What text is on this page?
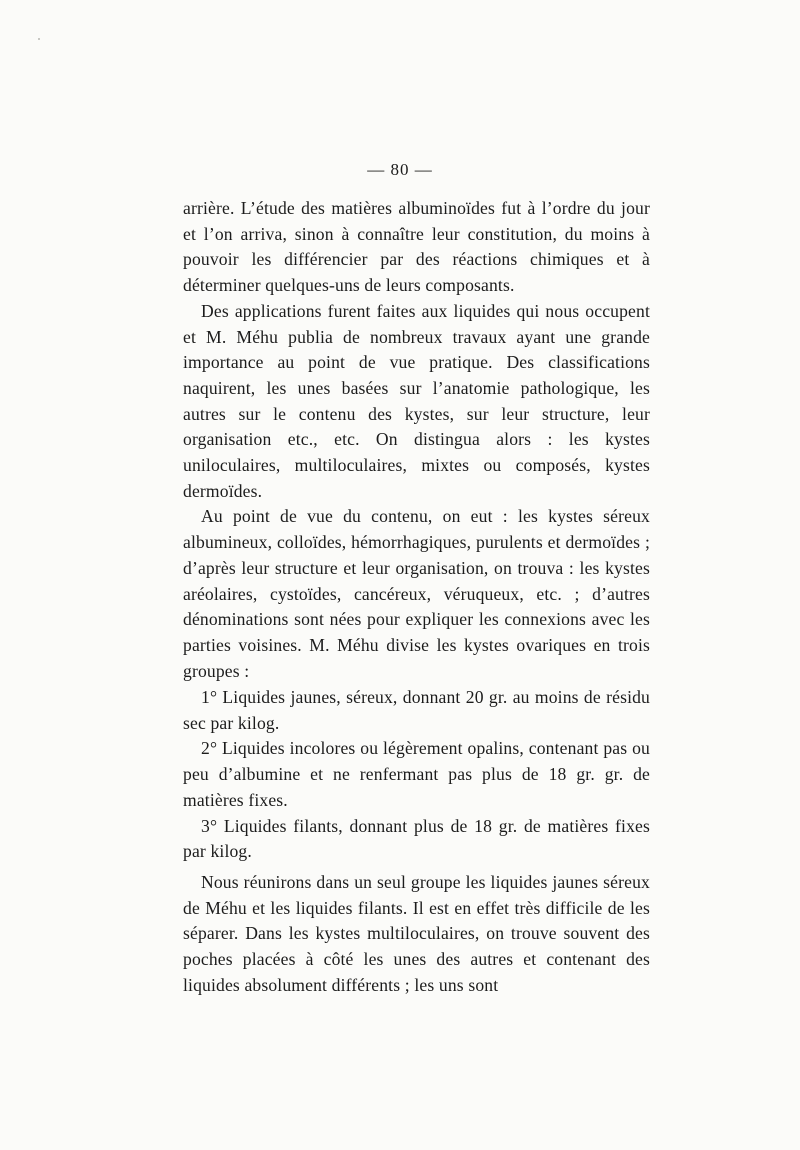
— 80 —

arrière. L’étude des matières albuminoïdes fut à l’ordre du jour et l’on arriva, sinon à connaître leur constitution, du moins à pouvoir les différencier par des réactions chimiques et à déterminer quelques-uns de leurs composants.

Des applications furent faites aux liquides qui nous occupent et M. Méhu publia de nombreux travaux ayant une grande importance au point de vue pratique. Des classifications naquirent, les unes basées sur l’anatomie pathologique, les autres sur le contenu des kystes, sur leur structure, leur organisation etc., etc. On distingua alors : les kystes uniloculaires, multiloculaires, mixtes ou composés, kystes dermoïdes.

Au point de vue du contenu, on eut : les kystes séreux albumineux, colloïdes, hémorrhagiques, purulents et dermoïdes ; d’après leur structure et leur organisation, on trouva : les kystes aréolaires, cystoïdes, cancéreux, véruqueux, etc. ; d’autres dénominations sont nées pour expliquer les connexions avec les parties voisines. M. Méhu divise les kystes ovariques en trois groupes :

1° Liquides jaunes, séreux, donnant 20 gr. au moins de résidu sec par kilog.

2° Liquides incolores ou légèrement opalins, contenant pas ou peu d’albumine et ne renfermant pas plus de 18 gr. gr. de matières fixes.

3° Liquides filants, donnant plus de 18 gr. de matières fixes par kilog.

Nous réunirons dans un seul groupe les liquides jaunes séreux de Méhu et les liquides filants. Il est en effet très difficile de les séparer. Dans les kystes multiloculaires, on trouve souvent des poches placées à côté les unes des autres et contenant des liquides absolument différents ; les uns sont
